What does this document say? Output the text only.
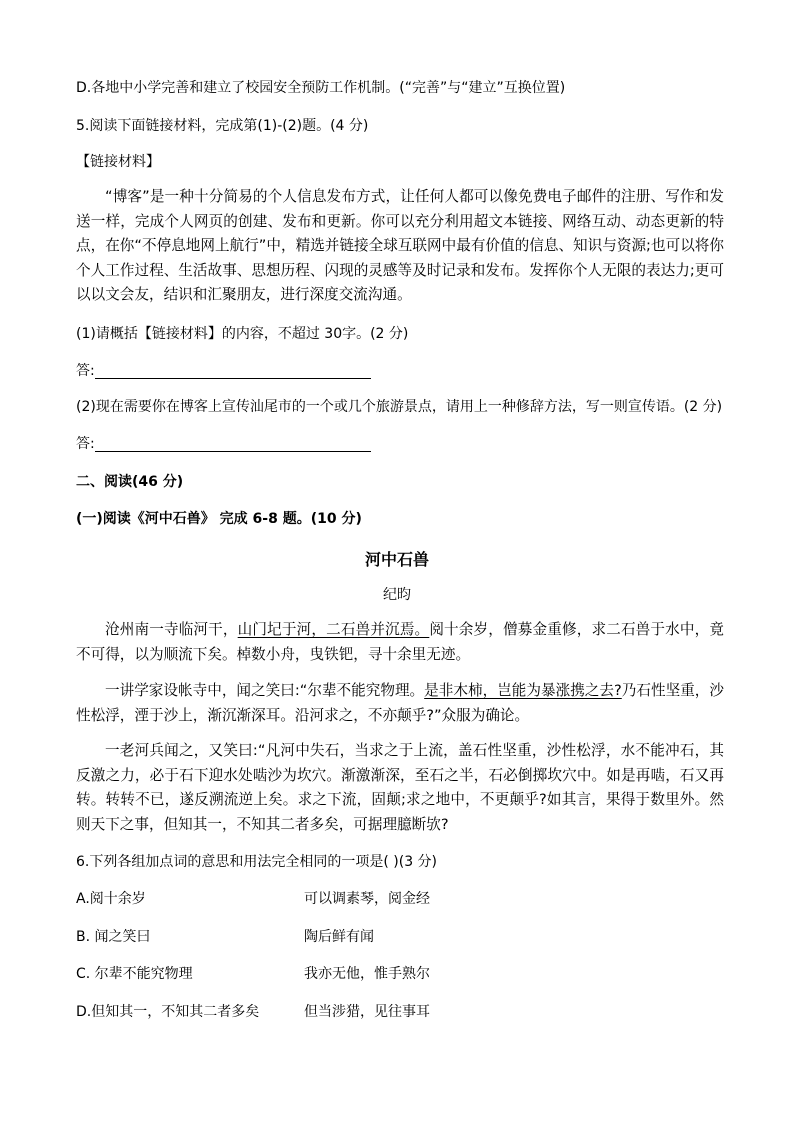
D.各地中小学完善和建立了校园安全预防工作机制。(“完善”与“建立”互换位置)
5.阅读下面链接材料，完成第(1)-(2)题。(4 分)
【链接材料】
“博客”是一种十分简易的个人信息发布方式，让任何人都可以像免费电子邮件的注册、写作和发送一样，完成个人网页的创建、发布和更新。你可以充分利用超文本链接、网络互动、动态更新的特点，在你“不停息地网上航行”中，精选并链接全球互联网中最有价值的信息、知识与资源;也可以将你个人工作过程、生活故事、思想历程、闪现的灵感等及时记录和发布。发挥你个人无限的表达力;更可以以文会友，结识和汇聚朋友，进行深度交流沟通。
(1)请概括【链接材料】的内容，不超过 30字。(2 分)
答:
(2)现在需要你在博客上宣传汕尾市的一个或几个旅游景点，请用上一种修辞方法，写一则宣传语。(2 分)
答:
二、阅读(46 分)
(一)阅读《河中石兽》 完成 6-8 题。(10 分)
河中石兽
纪昀
沧州南一寺临河干，山门圮于河，二石兽并沉焉。阅十余岁，僧募金重修，求二石兽于水中，竟不可得，以为顺流下矣。棹数小舟，曳铁钯，寻十余里无迹。
一讲学家设帐寺中，闻之笑曰:“尔辈不能究物理。是非木柿，岂能为暴涨携之去?乃石性坚重，沙性松浮，湮于沙上，渐沉渐深耳。沿河求之，不亦颠乎?”众服为确论。
一老河兵闻之，又笑曰:“凡河中失石，当求之于上流，盖石性坚重，沙性松浮，水不能冲石，其反激之力，必于石下迎水处啮沙为坎穴。渐激渐深，至石之半，石必倒掷坎穴中。如是再啮，石又再转。转转不已，遂反溯流逆上矣。求之下流，固颠;求之地中，不更颠乎?如其言，果得于数里外。然则天下之事，但知其一，不知其二者多矣，可据理臆断欤?
6.下列各组加点词的意思和用法完全相同的一项是( )(3 分)
A.阅十余岁	可以调素琴，阅金经
B. 闻之笑曰	陶后鲜有闻
C. 尔辈不能究物理	我亦无他，惟手熟尔
D.但知其一，不知其二者多矣	但当涉猎，见往事耳
